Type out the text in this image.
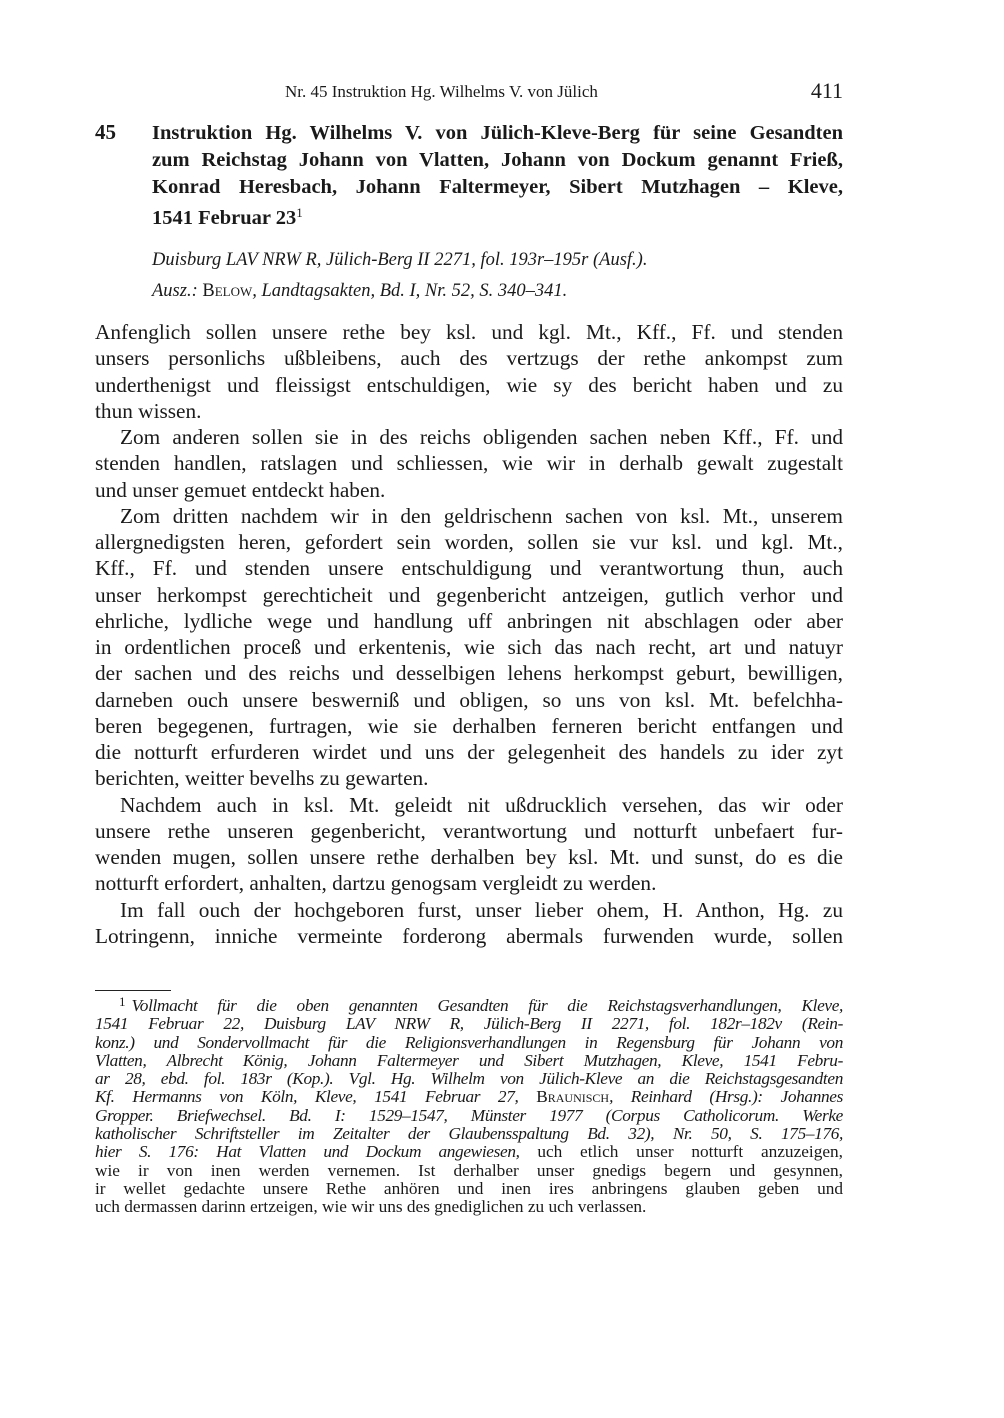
Nr. 45 Instruktion Hg. Wilhelms V. von Jülich	411
45 Instruktion Hg. Wilhelms V. von Jülich-Kleve-Berg für seine Gesandten
zum Reichstag Johann von Vlatten, Johann von Dockum genannt Frieß,
Konrad Heresbach, Johann Faltermeyer, Sibert Mutzhagen – Kleve,
1541 Februar $23^1$
Duisburg LAV NRW R, Jülich-Berg II 2271, fol. 193r–195r (Ausf.).
Ausz.: Below, Landtagsakten, Bd. I, Nr. 52, S. 340–341.
Anfenglich sollen unsere rethe bey ksl. und kgl. Mt., Kff., Ff. und stenden
unsers personlichs ußbleibens, auch des vertzugs der rethe ankompst zum
underthenigst und fleissigst entschuldigen, wie sy des bericht haben und zu
thun wissen.
Zom anderen sollen sie in des reichs obligenden sachen neben Kff., Ff. und
stenden handlen, ratslagen und schliessen, wie wir in derhalb gewalt zugestalt
und unser gemuet entdeckt haben.
Zom dritten nachdem wir in den geldrischenn sachen von ksl. Mt., unserem
allergnedigsten heren, gefordert sein worden, sollen sie vur ksl. und kgl. Mt.,
Kff., Ff. und stenden unsere entschuldigung und verantwortung thun, auch
unser herkompst gerechticheit und gegenbericht antzeigen, gutlich verhor und
ehrliche, lydliche wege und handlung uff anbringen nit abschlagen oder aber
in ordentlichen proceß und erkentenis, wie sich das nach recht, art und natuyr
der sachen und des reichs und desselbigen lehens herkompst geburt, bewilligen,
darneben ouch unsere beswerniß und obligen, so uns von ksl. Mt. befelchha-
beren begegenen, furtragen, wie sie derhalben ferneren bericht entfangen und
die notturft erfurderen wirdet und uns der gelegenheit des handels zu ider zyt
berichten, weitter bevelhs zu gewarten.
Nachdem auch in ksl. Mt. geleidt nit ußdrucklich versehen, das wir oder
unsere rethe unseren gegenbericht, verantwortung und notturft unbefaert fur-
wenden mugen, sollen unsere rethe derhalben bey ksl. Mt. und sunst, do es die
notturft erfordert, anhalten, dartzu genogsam vergleidt zu werden.
Im fall ouch der hochgeboren furst, unser lieber ohem, H. Anthon, Hg. zu
Lotringenn, inniche vermeinte forderong abermals furwenden wurde, sollen
$^1$ Vollmacht für die oben genannten Gesandten für die Reichstagsverhandlungen, Kleve,
1541 Februar 22, Duisburg LAV NRW R, Jülich-Berg II 2271, fol. 182r–182v (Rein-
konz.) und Sondervollmacht für die Religionsverhandlungen in Regensburg für Johann von
Vlatten, Albrecht König, Johann Faltermeyer und Sibert Mutzhagen, Kleve, 1541 Febru-
ar 28, ebd. fol. 183r (Kop.). Vgl. Hg. Wilhelm von Jülich-Kleve an die Reichstagsgesandten
Kf. Hermanns von Köln, Kleve, 1541 Februar 27, Braunisch, Reinhard (Hrsg.): Johannes
Gropper. Briefwechsel. Bd. I: 1529–1547, Münster 1977 (Corpus Catholicorum. Werke
katholischer Schriftsteller im Zeitalter der Glaubensspaltung Bd. 32), Nr. 50, S. 175–176,
hier S. 176: Hat Vlatten und Dockum angewiesen, uch etlich unser notturft anzuzeigen,
wie ir von inen werden vernemen. Ist derhalber unser gnedigs begern und gesynnen,
ir wellet gedachte unsere Rethe anhören und inen ires anbringens glauben geben und
uch dermassen darinn ertzeigen, wie wir uns des gnediglichen zu uch verlassen.
